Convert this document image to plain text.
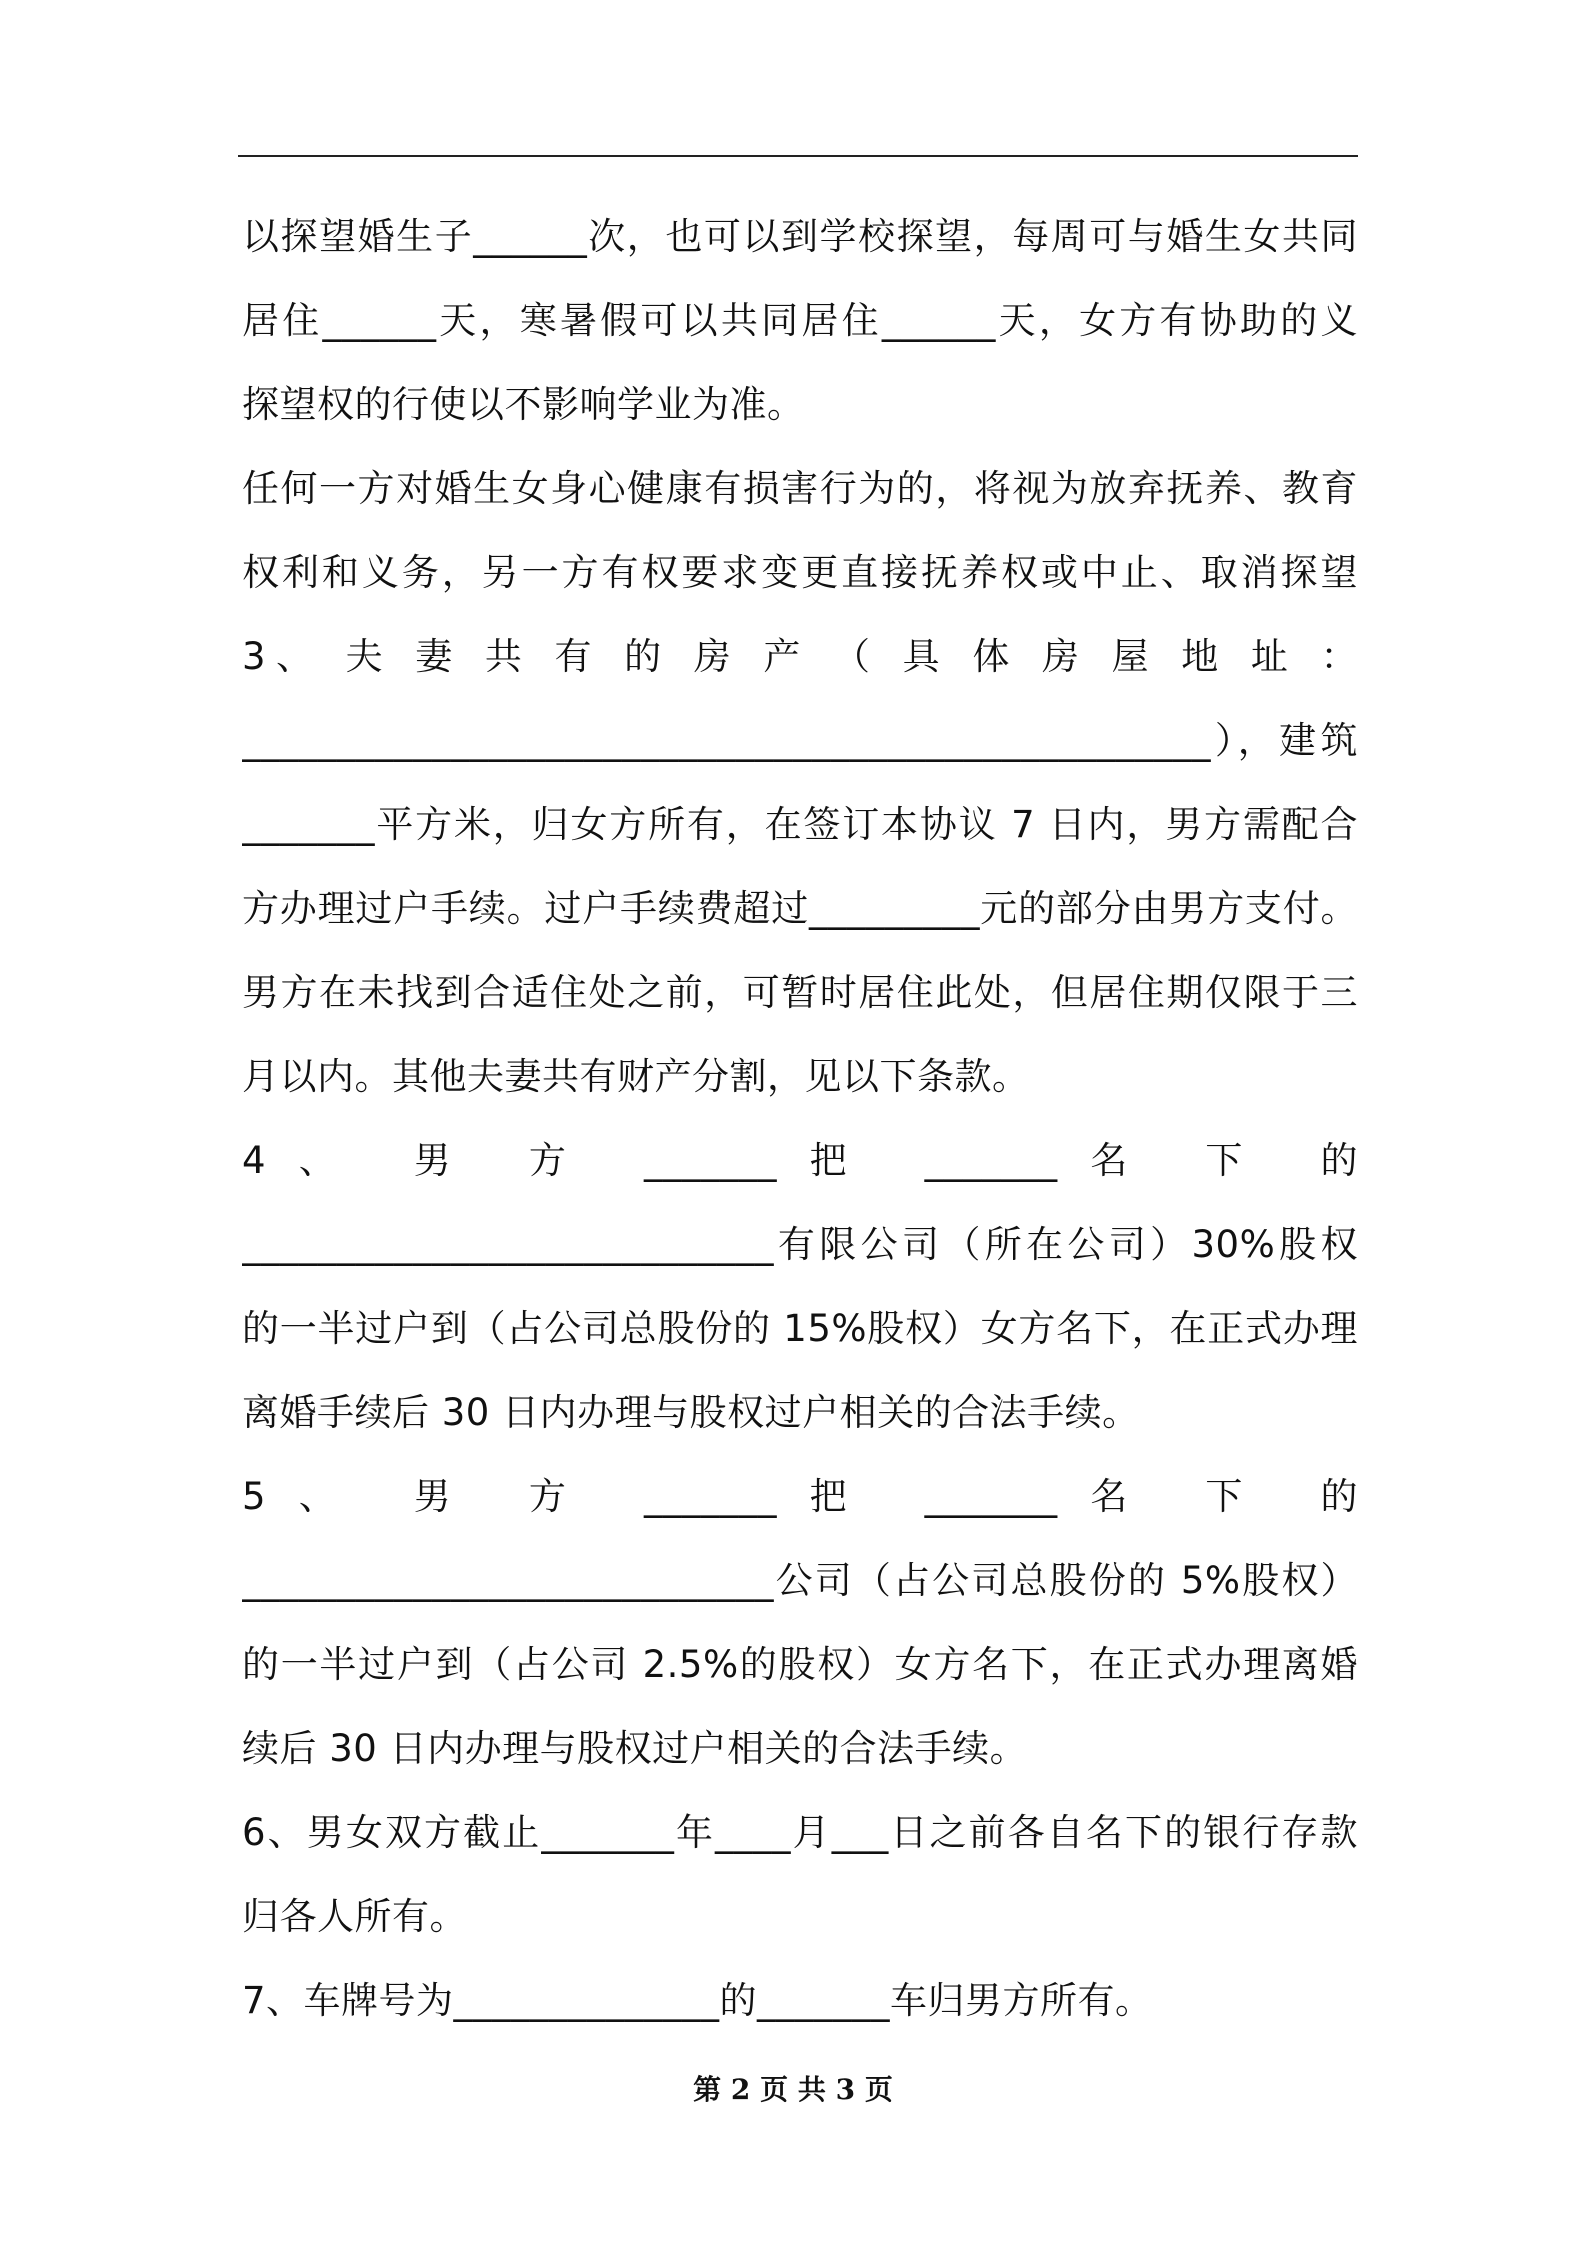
以探望婚生子______次，也可以到学校探望，每周可与婚生女共同
居住______天，寒暑假可以共同居住______天，女方有协助的义
探望权的行使以不影响学业为准。
任何一方对婚生女身心健康有损害行为的，将视为放弃抚养、教育
权利和义务，另一方有权要求变更直接抚养权或中止、取消探望
3、 夫 妻 共 有 的 房 产 （ 具 体 房 屋 地 址 ：
___________________________________________________），建筑
_______平方米，归女方所有，在签订本协议 7 日内，男方需配合
方办理过户手续。过户手续费超过_________元的部分由男方支付。
男方在未找到合适住处之前，可暂时居住此处，但居住期仅限于三
月以内。其他夫妻共有财产分割，见以下条款。
4、 男 方 _______把 _______名 下 的
____________________________有限公司（所在公司）30%股权
的一半过户到（占公司总股份的 15%股权）女方名下，在正式办理
离婚手续后 30 日内办理与股权过户相关的合法手续。
5、 男 方 _______把 _______名 下 的
____________________________公司（占公司总股份的 5%股权）
的一半过户到（占公司 2.5%的股权）女方名下，在正式办理离婚
续后 30 日内办理与股权过户相关的合法手续。
6、男女双方截止_______年____月___日之前各自名下的银行存款
归各人所有。
7、车牌号为______________的_______车归男方所有。
第 2 页 共 3 页
